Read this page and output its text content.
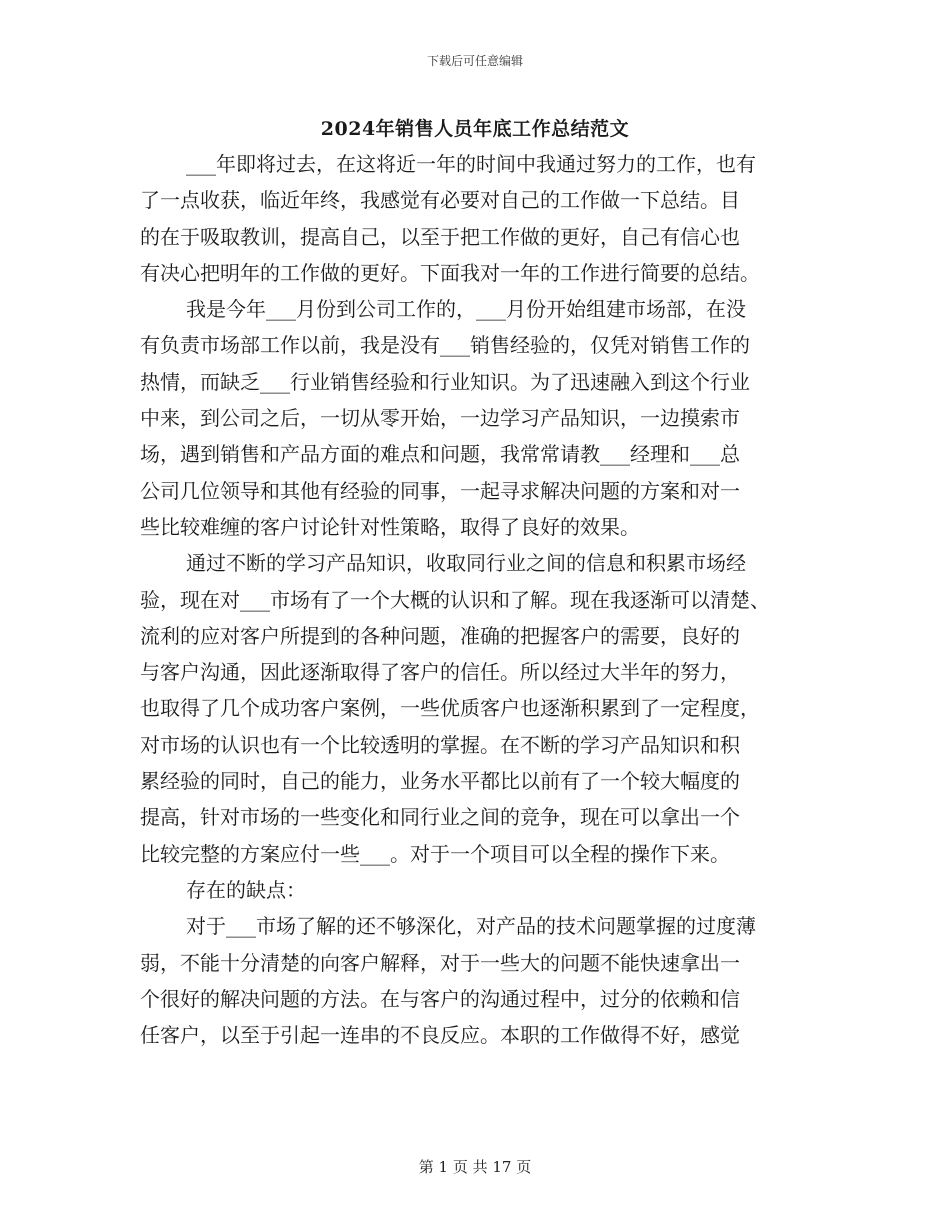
下载后可任意编辑
2024年销售人员年底工作总结范文
___年即将过去，在这将近一年的时间中我通过努力的工作，也有
了一点收获，临近年终，我感觉有必要对自己的工作做一下总结。目
的在于吸取教训，提高自己，以至于把工作做的更好，自己有信心也
有决心把明年的工作做的更好。下面我对一年的工作进行简要的总结。
我是今年___月份到公司工作的，___月份开始组建市场部，在没
有负责市场部工作以前，我是没有___销售经验的，仅凭对销售工作的
热情，而缺乏___行业销售经验和行业知识。为了迅速融入到这个行业
中来，到公司之后，一切从零开始，一边学习产品知识，一边摸索市
场，遇到销售和产品方面的难点和问题，我常常请教___经理和___总
公司几位领导和其他有经验的同事，一起寻求解决问题的方案和对一
些比较难缠的客户讨论针对性策略，取得了良好的效果。
通过不断的学习产品知识，收取同行业之间的信息和积累市场经
验，现在对___市场有了一个大概的认识和了解。现在我逐渐可以清楚、
流利的应对客户所提到的各种问题，准确的把握客户的需要，良好的
与客户沟通，因此逐渐取得了客户的信任。所以经过大半年的努力，
也取得了几个成功客户案例，一些优质客户也逐渐积累到了一定程度，
对市场的认识也有一个比较透明的掌握。在不断的学习产品知识和积
累经验的同时，自己的能力，业务水平都比以前有了一个较大幅度的
提高，针对市场的一些变化和同行业之间的竞争，现在可以拿出一个
比较完整的方案应付一些___。对于一个项目可以全程的操作下来。
存在的缺点：
对于___市场了解的还不够深化，对产品的技术问题掌握的过度薄
弱，不能十分清楚的向客户解释，对于一些大的问题不能快速拿出一
个很好的解决问题的方法。在与客户的沟通过程中，过分的依赖和信
任客户，以至于引起一连串的不良反应。本职的工作做得不好，感觉
第 1 页 共 17 页
